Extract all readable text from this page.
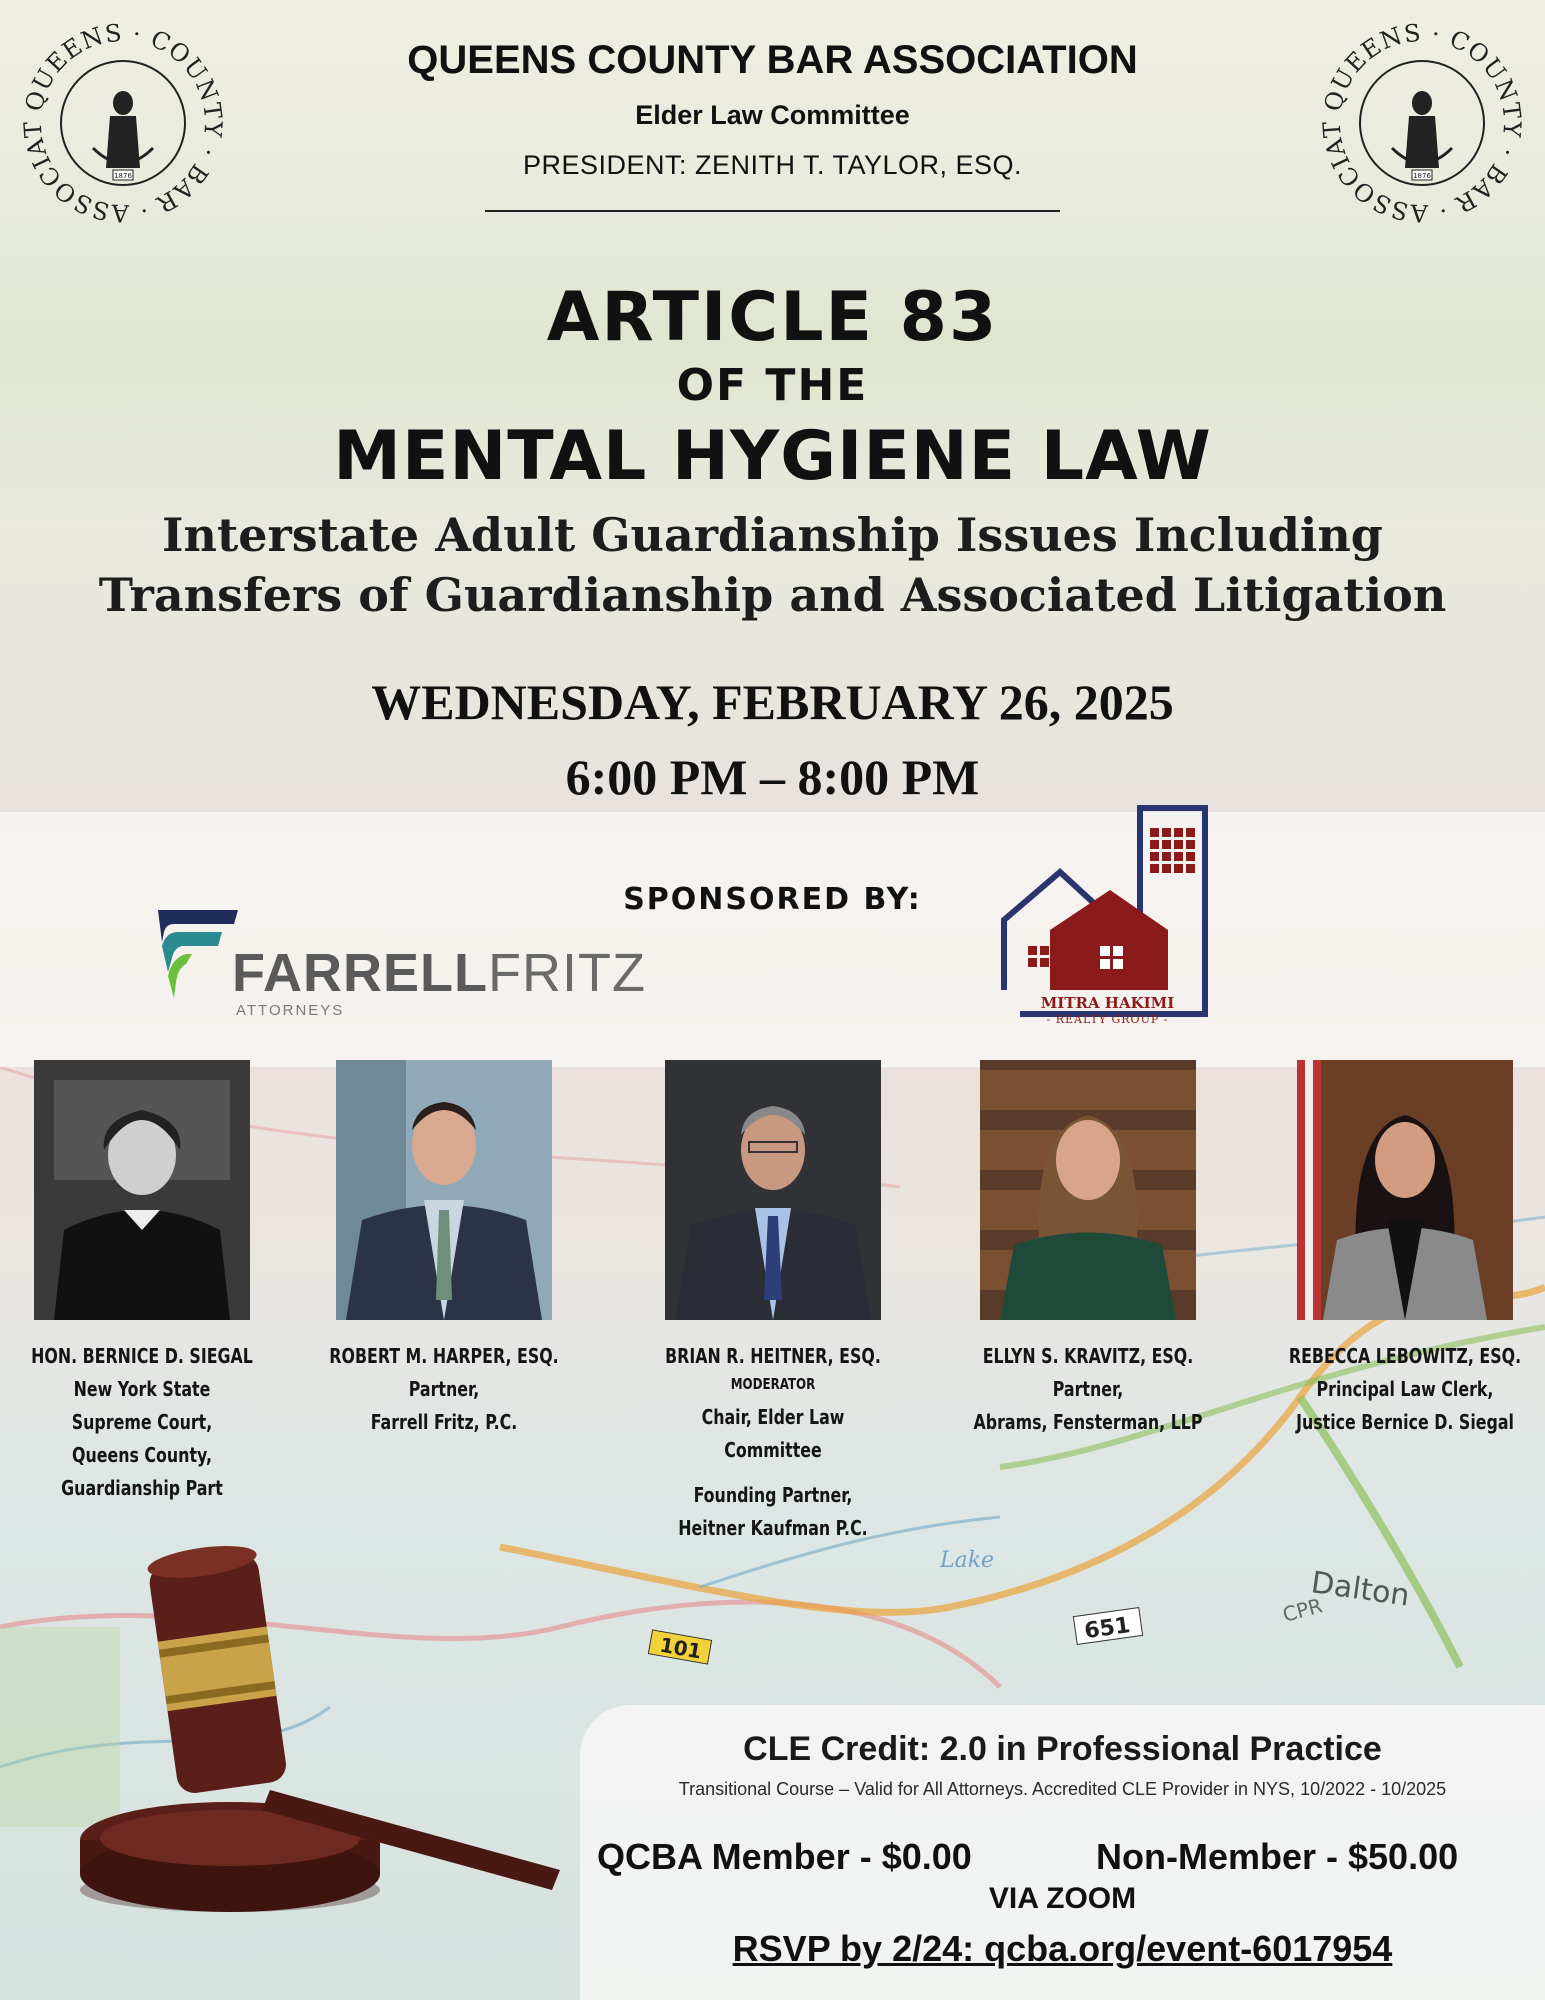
QUEENS · COUNTY · BAR · ASSOCIAT
1876
QUEENS · COUNTY · BAR · ASSOCIAT
1876
QUEENS COUNTY BAR ASSOCIATION
Elder Law Committee
PRESIDENT: ZENITH T. TAYLOR, ESQ.
ARTICLE 83
OF THE
MENTAL HYGIENE LAW
Interstate Adult Guardianship Issues Including
Transfers of Guardianship and Associated Litigation
WEDNESDAY, FEBRUARY 26, 2025
6:00 PM – 8:00 PM
Dalton
651
101
Lake
CPR
SPONSORED BY:
FARRELLFRITZ
ATTORNEYS	MITRA HAKIMI
- REALTY GROUP -
HON. BERNICE D. SIEGAL
New York State
Supreme Court,
Queens County,
Guardianship Part
ROBERT M. HARPER, ESQ.
Partner,
Farrell Fritz, P.C.
BRIAN R. HEITNER, ESQ.
MODERATOR
Chair, Elder Law
Committee
Founding Partner,
Heitner Kaufman P.C.
ELLYN S. KRAVITZ, ESQ.
Partner,
Abrams, Fensterman, LLP
REBECCA LEBOWITZ, ESQ.
Principal Law Clerk,
Justice Bernice D. Siegal
CLE Credit: 2.0 in Professional Practice
Transitional Course – Valid for All Attorneys. Accredited CLE Provider in NYS, 10/2022 - 10/2025
QCBA Member - $0.00	Non-Member - $50.00
VIA ZOOM
RSVP by 2/24: qcba.org/event-6017954
